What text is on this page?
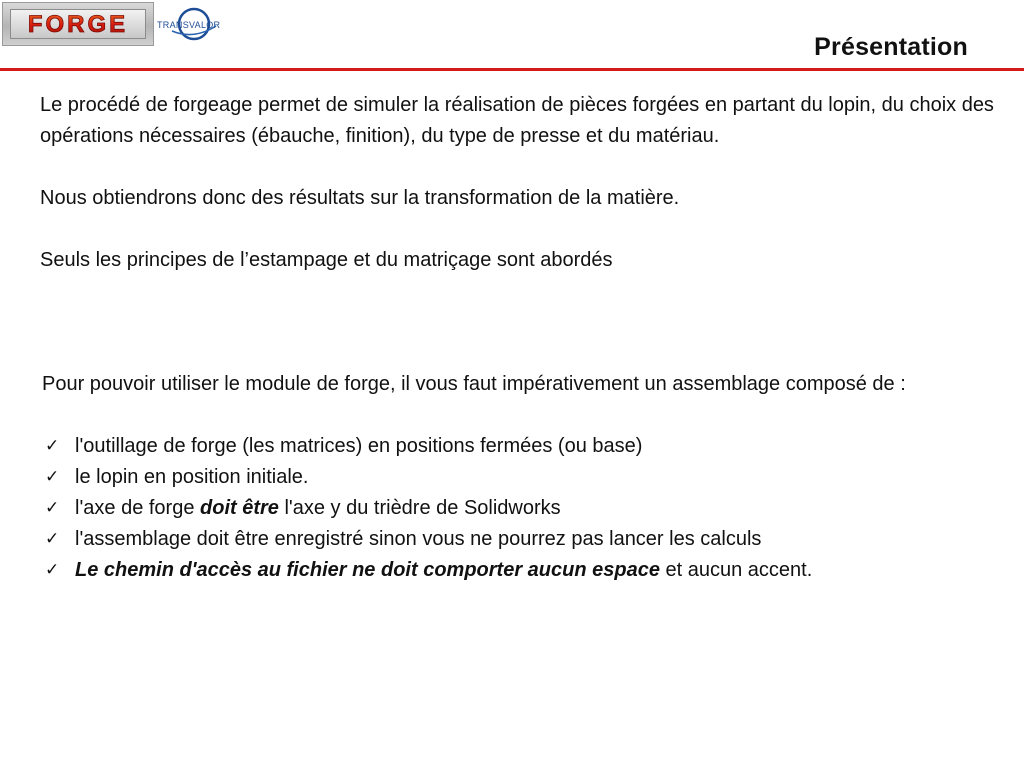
FORGE	TRANSVALOR
Présentation

Le procédé de forgeage permet de simuler la réalisation de pièces forgées en partant du lopin, du choix des opérations nécessaires (ébauche, finition), du type de presse et du matériau.

Nous obtiendrons donc des résultats sur la transformation de la matière.

Seuls les principes de l’estampage et du matriçage sont abordés

Pour pouvoir utiliser le module de forge, il vous faut impérativement un assemblage composé de :

✓ l'outillage de forge (les matrices) en positions fermées (ou base)
✓ le lopin en position initiale.
✓ l'axe de forge doit être l'axe y du trièdre de Solidworks
✓ l'assemblage doit être enregistré sinon vous ne pourrez pas lancer les calculs
✓ Le chemin d'accès au fichier ne doit comporter aucun espace et aucun accent.
